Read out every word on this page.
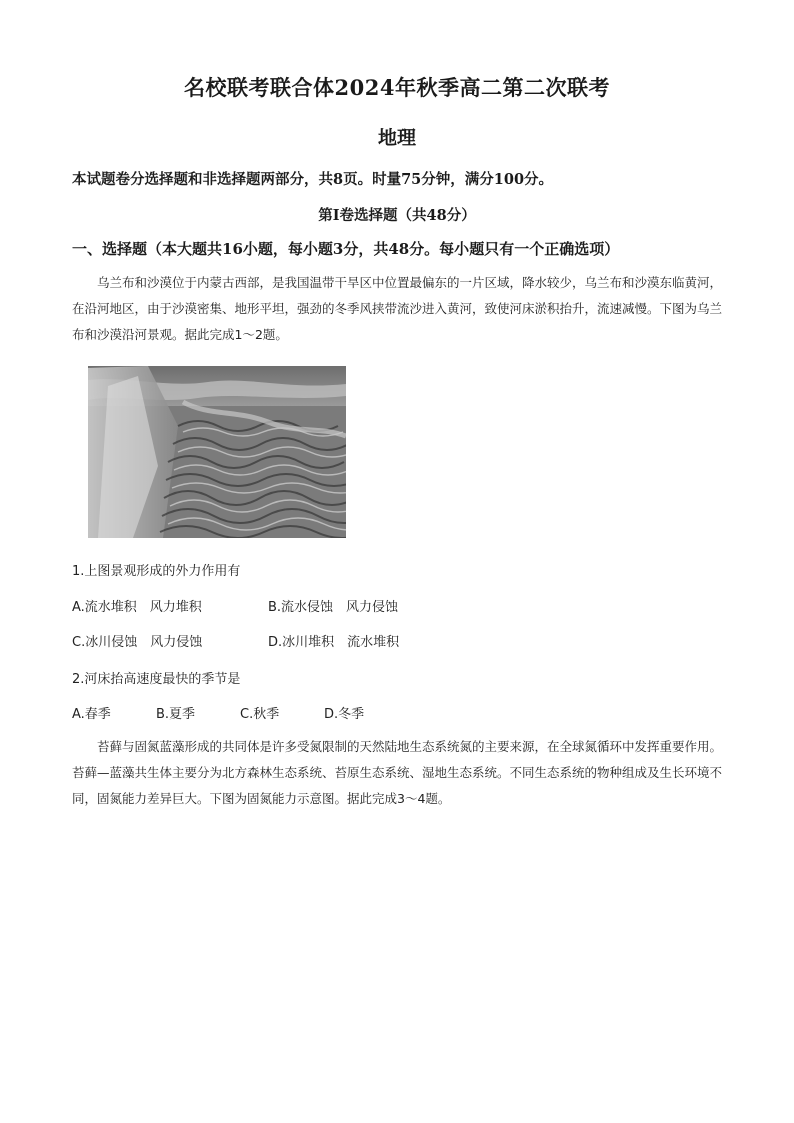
名校联考联合体2024年秋季高二第二次联考
地理
本试题卷分选择题和非选择题两部分，共8页。时量75分钟，满分100分。
第Ⅰ卷选择题（共48分）
一、选择题（本大题共16小题，每小题3分，共48分。每小题只有一个正确选项）
乌兰布和沙漠位于内蒙古西部，是我国温带干旱区中位置最偏东的一片区域，降水较少，乌兰布和沙漠东临黄河，在沿河地区，由于沙漠密集、地形平坦，强劲的冬季风挟带流沙进入黄河，致使河床淤积抬升，流速减慢。下图为乌兰布和沙漠沿河景观。据此完成1～2题。
1.上图景观形成的外力作用有
A.流水堆积　风力堆积	B.流水侵蚀　风力侵蚀
C.冰川侵蚀　风力侵蚀	D.冰川堆积　流水堆积
2.河床抬高速度最快的季节是
A.春季	B.夏季	C.秋季	D.冬季
苔藓与固氮蓝藻形成的共同体是许多受氮限制的天然陆地生态系统氮的主要来源，在全球氮循环中发挥重要作用。苔藓—蓝藻共生体主要分为北方森林生态系统、苔原生态系统、湿地生态系统。不同生态系统的物种组成及生长环境不同，固氮能力差异巨大。下图为固氮能力示意图。据此完成3～4题。
